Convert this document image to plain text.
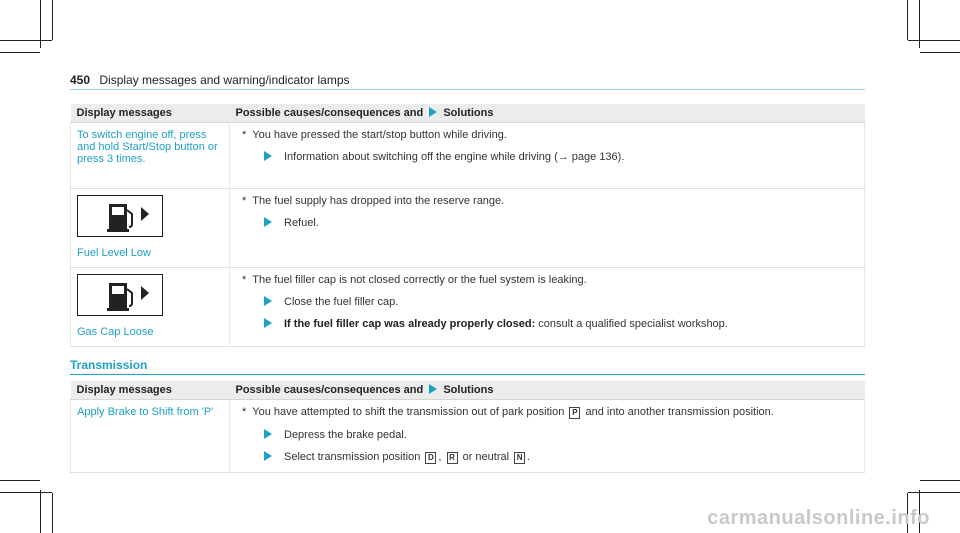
450 Display messages and warning/indicator lamps
Display messages	Possible causes/consequences and Solutions
To switch engine off, press and hold Start/Stop button or press 3 times.	* You have pressed the start/stop button while driving.
Information about switching off the engine while driving (→ page 136).

Fuel Level Low	* The fuel supply has dropped into the reserve range.
Refuel.

Gas Cap Loose	* The fuel filler cap is not closed correctly or the fuel system is leaking.
Close the fuel filler cap.
If the fuel filler cap was already properly closed: consult a qualified specialist workshop.
Transmission
Display messages	Possible causes/consequences and Solutions
Apply Brake to Shift from 'P'	* You have attempted to shift the transmission out of park position P and into another transmission position.
Depress the brake pedal.
Select transmission position D , R or neutral N .
carmanualsonline.info
